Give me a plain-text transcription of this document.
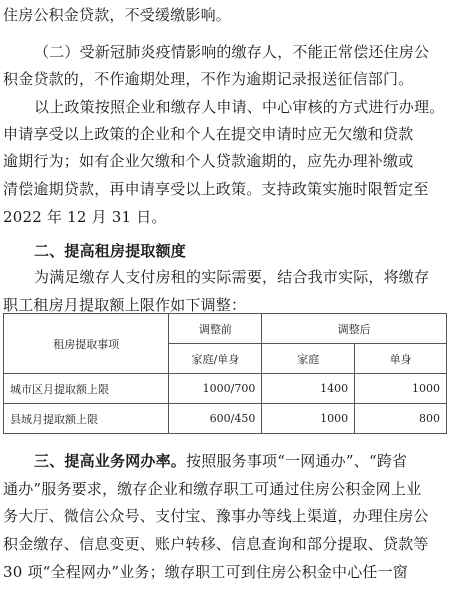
住房公积金贷款，不受缓缴影响。
（二）受新冠肺炎疫情影响的缴存人，不能正常偿还住房公
积金贷款的，不作逾期处理，不作为逾期记录报送征信部门。
以上政策按照企业和缴存人申请、中心审核的方式进行办理。
申请享受以上政策的企业和个人在提交申请时应无欠缴和贷款
逾期行为；如有企业欠缴和个人贷款逾期的，应先办理补缴或
清偿逾期贷款，再申请享受以上政策。支持政策实施时限暂定至
2022 年 12 月 31 日。
二、提高租房提取额度
为满足缴存人支付房租的实际需要，结合我市实际，将缴存
职工租房月提取额上限作如下调整：
租房提取事项	调整前	调整后	
	家庭/单身	家庭	单身
城市区月提取额上限	1000/700	1400	1000
县域月提取额上限	600/450	1000	800
三、提高业务网办率。按照服务事项“一网通办”、“跨省
通办”服务要求，缴存企业和缴存职工可通过住房公积金网上业
务大厅、微信公众号、支付宝、豫事办等线上渠道，办理住房公
积金缴存、信息变更、账户转移、信息查询和部分提取、贷款等
30 项“全程网办”业务；缴存职工可到住房公积金中心任一窗
